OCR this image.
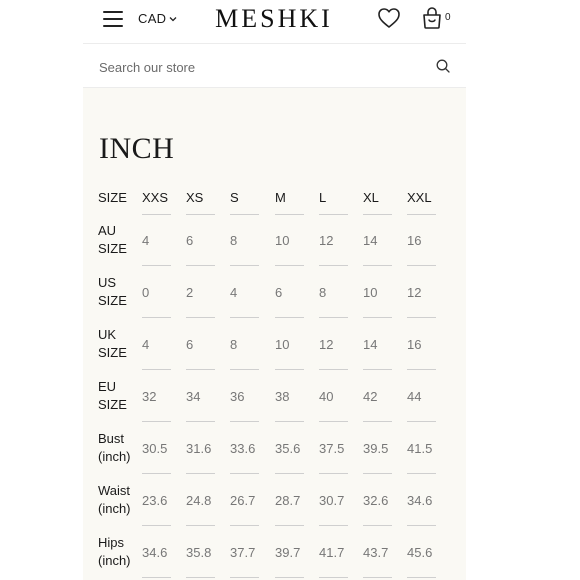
CAD MESHKI	0
Search our store
INCH
SIZE XXS XS	S	M	L	XL	XXL
AU
SIZE
4	6	8	10	12	14	16
US
SIZE
0	2	4	6	8	10	12
UK
SIZE
4	6	8	10	12	14	16
EU
SIZE
32	34	36	38	40	42	44
Bust
(inch)
30.5 31.6 33.6 35.6 37.5 39.5 41.5
Waist
(inch)
23.6 24.8 26.7 28.7 30.7 32.6 34.6
Hips
(inch)
34.6 35.8 37.7 39.7 41.7 43.7 45.6
